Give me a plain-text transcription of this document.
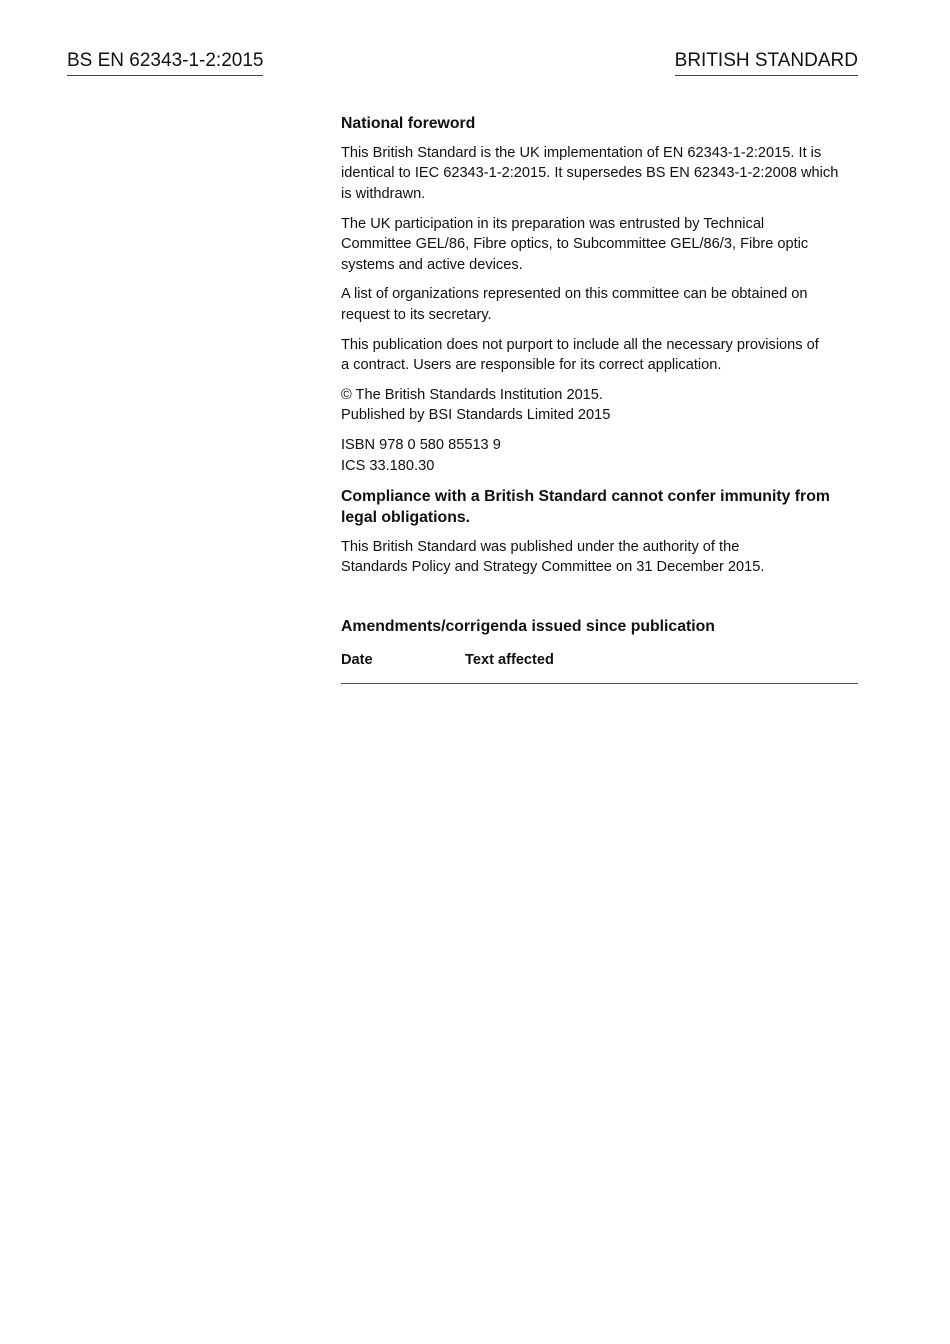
BS EN 62343-1-2:2015	BRITISH STANDARD
National foreword
This British Standard is the UK implementation of EN 62343-1-2:2015. It is
identical to IEC 62343-1-2:2015. It supersedes BS EN 62343-1-2:2008 which
is withdrawn.
The UK participation in its preparation was entrusted by Technical
Committee GEL/86, Fibre optics, to Subcommittee GEL/86/3, Fibre optic
systems and active devices.
A list of organizations represented on this committee can be obtained on
request to its secretary.
This publication does not purport to include all the necessary provisions of
a contract. Users are responsible for its correct application.
© The British Standards Institution 2015.
Published by BSI Standards Limited 2015
ISBN 978 0 580 85513 9
ICS 33.180.30
Compliance with a British Standard cannot confer immunity from
legal obligations.
This British Standard was published under the authority of the
Standards Policy and Strategy Committee on 31 December 2015.
Amendments/corrigenda issued since publication
Date	Text affected
